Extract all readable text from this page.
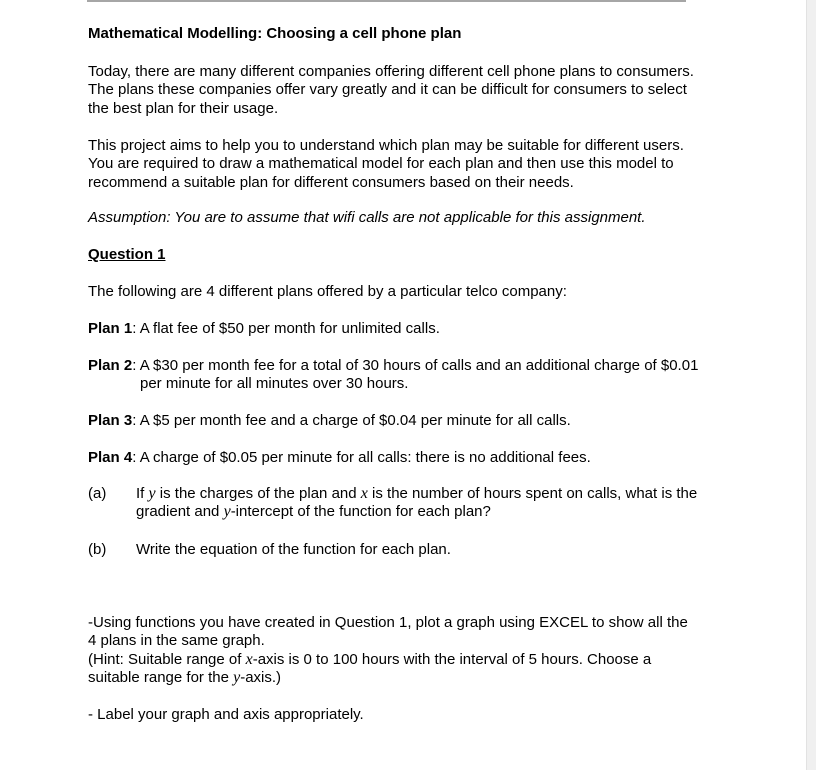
Mathematical Modelling: Choosing a cell phone plan
Today, there are many different companies offering different cell phone plans to consumers.
The plans these companies offer vary greatly and it can be difficult for consumers to select
the best plan for their usage.
This project aims to help you to understand which plan may be suitable for different users.
You are required to draw a mathematical model for each plan and then use this model to
recommend a suitable plan for different consumers based on their needs.
Assumption: You are to assume that wifi calls are not applicable for this assignment.
Question 1
The following are 4 different plans offered by a particular telco company:
Plan 1: A flat fee of $50 per month for unlimited calls.
Plan 2: A $30 per month fee for a total of 30 hours of calls and an additional charge of $0.01
per minute for all minutes over 30 hours.
Plan 3: A $5 per month fee and a charge of $0.04 per minute for all calls.
Plan 4: A charge of $0.05 per minute for all calls: there is no additional fees.
(a) If y is the charges of the plan and x is the number of hours spent on calls, what is the
gradient and y-intercept of the function for each plan?
(b) Write the equation of the function for each plan.
-Using functions you have created in Question 1, plot a graph using EXCEL to show all the
4 plans in the same graph.
(Hint: Suitable range of x-axis is 0 to 100 hours with the interval of 5 hours. Choose a
suitable range for the y-axis.)
- Label your graph and axis appropriately.
